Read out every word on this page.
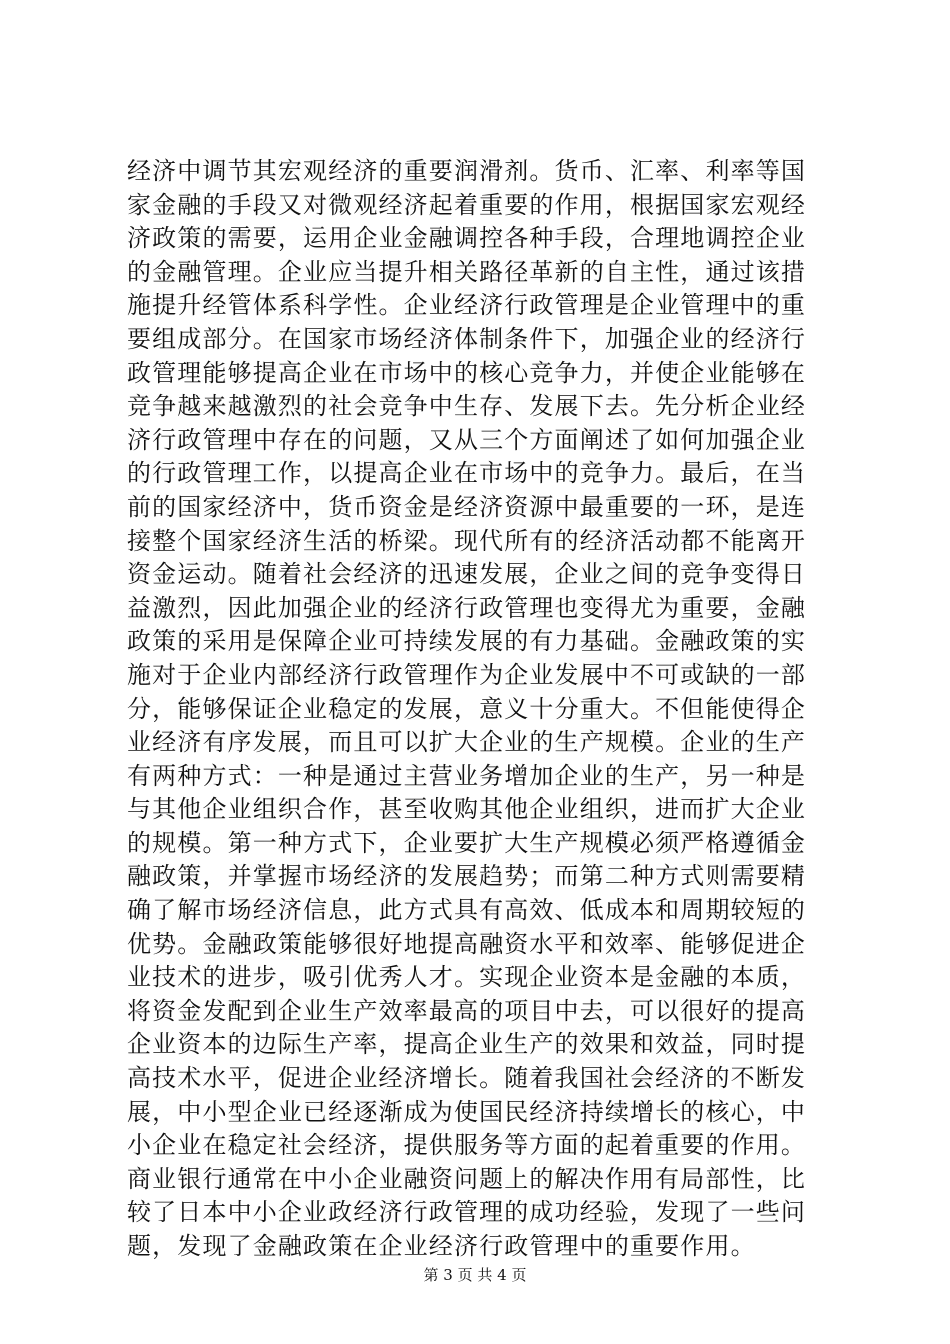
经济中调节其宏观经济的重要润滑剂。货币、汇率、利率等国
家金融的手段又对微观经济起着重要的作用，根据国家宏观经
济政策的需要，运用企业金融调控各种手段，合理地调控企业
的金融管理。企业应当提升相关路径革新的自主性，通过该措
施提升经管体系科学性。企业经济行政管理是企业管理中的重
要组成部分。在国家市场经济体制条件下，加强企业的经济行
政管理能够提高企业在市场中的核心竞争力，并使企业能够在
竞争越来越激烈的社会竞争中生存、发展下去。先分析企业经
济行政管理中存在的问题，又从三个方面阐述了如何加强企业
的行政管理工作，以提高企业在市场中的竞争力。最后，在当
前的国家经济中，货币资金是经济资源中最重要的一环，是连
接整个国家经济生活的桥梁。现代所有的经济活动都不能离开
资金运动。随着社会经济的迅速发展，企业之间的竞争变得日
益激烈，因此加强企业的经济行政管理也变得尤为重要，金融
政策的采用是保障企业可持续发展的有力基础。金融政策的实
施对于企业内部经济行政管理作为企业发展中不可或缺的一部
分，能够保证企业稳定的发展，意义十分重大。不但能使得企
业经济有序发展，而且可以扩大企业的生产规模。企业的生产
有两种方式：一种是通过主营业务增加企业的生产，另一种是
与其他企业组织合作，甚至收购其他企业组织，进而扩大企业
的规模。第一种方式下，企业要扩大生产规模必须严格遵循金
融政策，并掌握市场经济的发展趋势；而第二种方式则需要精
确了解市场经济信息，此方式具有高效、低成本和周期较短的
优势。金融政策能够很好地提高融资水平和效率、能够促进企
业技术的进步，吸引优秀人才。实现企业资本是金融的本质，
将资金发配到企业生产效率最高的项目中去，可以很好的提高
企业资本的边际生产率，提高企业生产的效果和效益，同时提
高技术水平，促进企业经济增长。随着我国社会经济的不断发
展，中小型企业已经逐渐成为使国民经济持续增长的核心，中
小企业在稳定社会经济，提供服务等方面的起着重要的作用。
商业银行通常在中小企业融资问题上的解决作用有局部性，比
较了日本中小企业政经济行政管理的成功经验，发现了一些问
题，发现了金融政策在企业经济行政管理中的重要作用。
第 3 页 共 4 页
